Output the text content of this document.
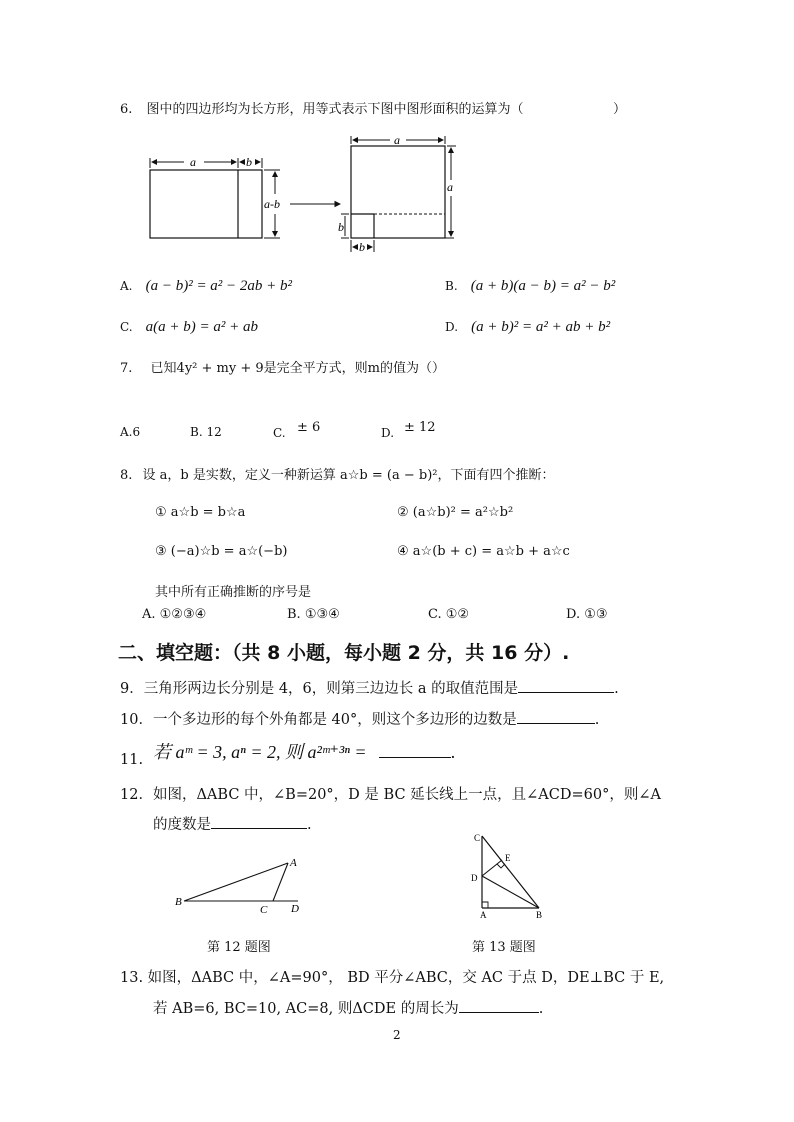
6. 图中的四边形均为长方形，用等式表示下图中图形面积的运算为（	）
a	b
a-b
a
a
b
b
A. (a − b)² = a² − 2ab + b²	B. (a + b)(a − b) = a² − b²
C. a(a + b) = a² + ab	D. (a + b)² = a² + ab + b²
7. 已知4y² + my + 9是完全平方式，则m的值为（）
A.6	B. 12	C. ± 6	D. ± 12
8. 设 a，b 是实数，定义一种新运算 a☆b = (a − b)²，下面有四个推断：
① a☆b = b☆a	② (a☆b)² = a²☆b²
③ (−a)☆b = a☆(−b)	④ a☆(b + c) = a☆b + a☆c
其中所有正确推断的序号是
A. ①②③④	B. ①③④	C. ①②	D. ①③
二、填空题：（共 8 小题，每小题 2 分，共 16 分）.
9．三角形两边长分别是 4，6，则第三边边长 a 的取值范围是	.
10．一个多边形的每个外角都是 40°，则这个多边形的边数是	.
11. 若 aᵐ = 3, aⁿ = 2, 则 a²ᵐ⁺³ⁿ =	.
12．如图，ΔABC 中，∠B=20°，D 是 BC 延长线上一点，且∠ACD=60°，则∠A
的度数是	.
A
B
C D
C
E
D
A	B
第 12 题图	第 13 题图
13. 如图，ΔABC 中，∠A=90°， BD 平分∠ABC，交 AC 于点 D，DE⊥BC 于 E,
若 AB=6, BC=10, AC=8, 则ΔCDE 的周长为	.
2
